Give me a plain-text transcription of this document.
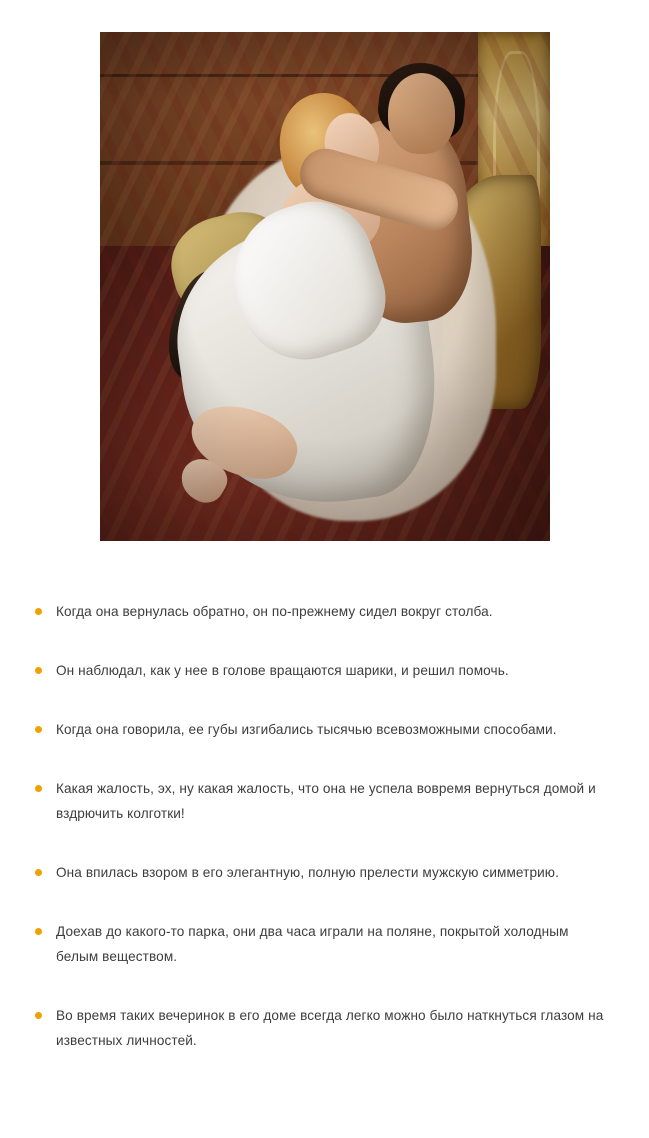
Когда она вернулась обратно, он по-прежнему сидел вокруг столба.
Он наблюдал, как у нее в голове вращаются шарики, и решил помочь.
Когда она говорила, ее губы изгибались тысячью всевозможными способами.
Какая жалость, эх, ну какая жалость, что она не успела вовремя вернуться домой и вздрючить колготки!
Она впилась взором в его элегантную, полную прелести мужскую симметрию.
Доехав до какого-то парка, они два часа играли на поляне, покрытой холодным белым веществом.
Во время таких вечеринок в его доме всегда легко можно было наткнуться глазом на известных личностей.
